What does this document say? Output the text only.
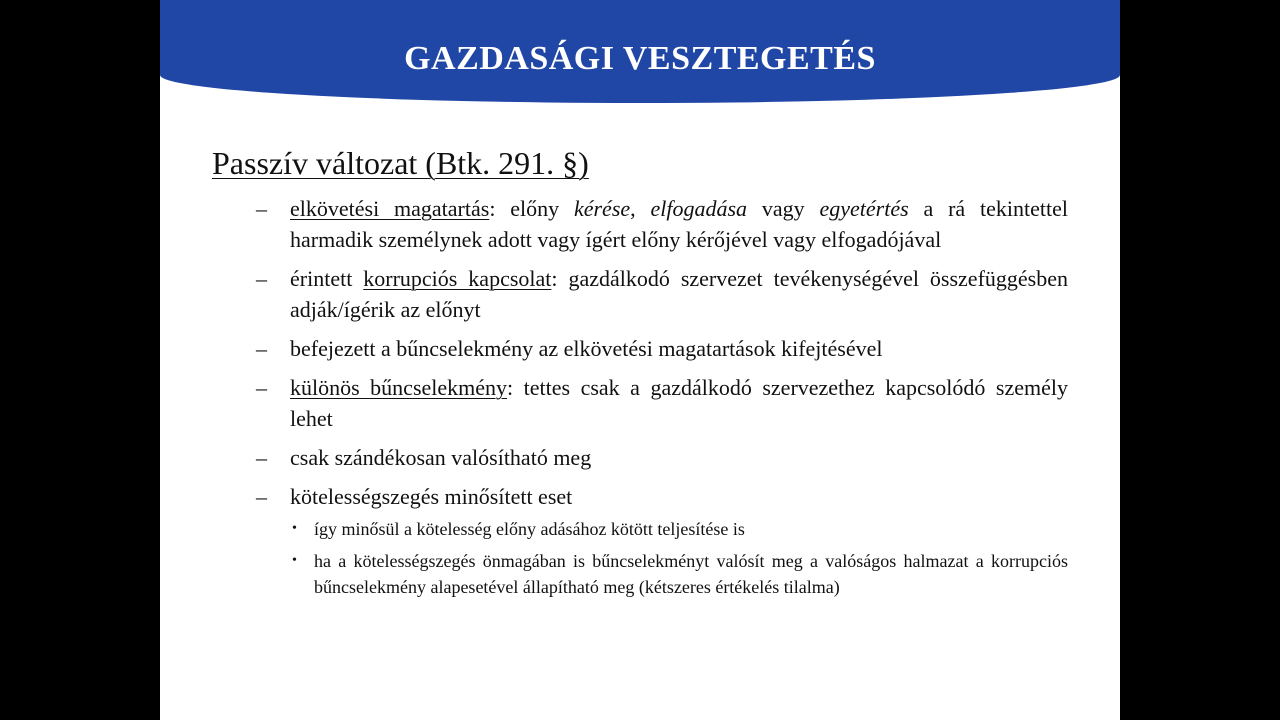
GAZDASÁGI VESZTEGETÉS
Passzív változat (Btk. 291. §)
– elkövetési magatartás: előny kérése, elfogadása vagy egyetértés a rá tekintettel harmadik személynek adott vagy ígért előny kérőjével vagy elfogadójával
– érintett korrupciós kapcsolat: gazdálkodó szervezet tevékenységével összefüggésben adják/ígérik az előnyt
– befejezett a bűncselekmény az elkövetési magatartások kifejtésével
– különös bűncselekmény: tettes csak a gazdálkodó szervezethez kapcsolódó személy lehet
– csak szándékosan valósítható meg
– kötelességszegés minősített eset
• így minősül a kötelesség előny adásához kötött teljesítése is
• ha a kötelességszegés önmagában is bűncselekményt valósít meg a valóságos halmazat a korrupciós bűncselekmény alapesetével állapítható meg (kétszeres értékelés tilalma)
